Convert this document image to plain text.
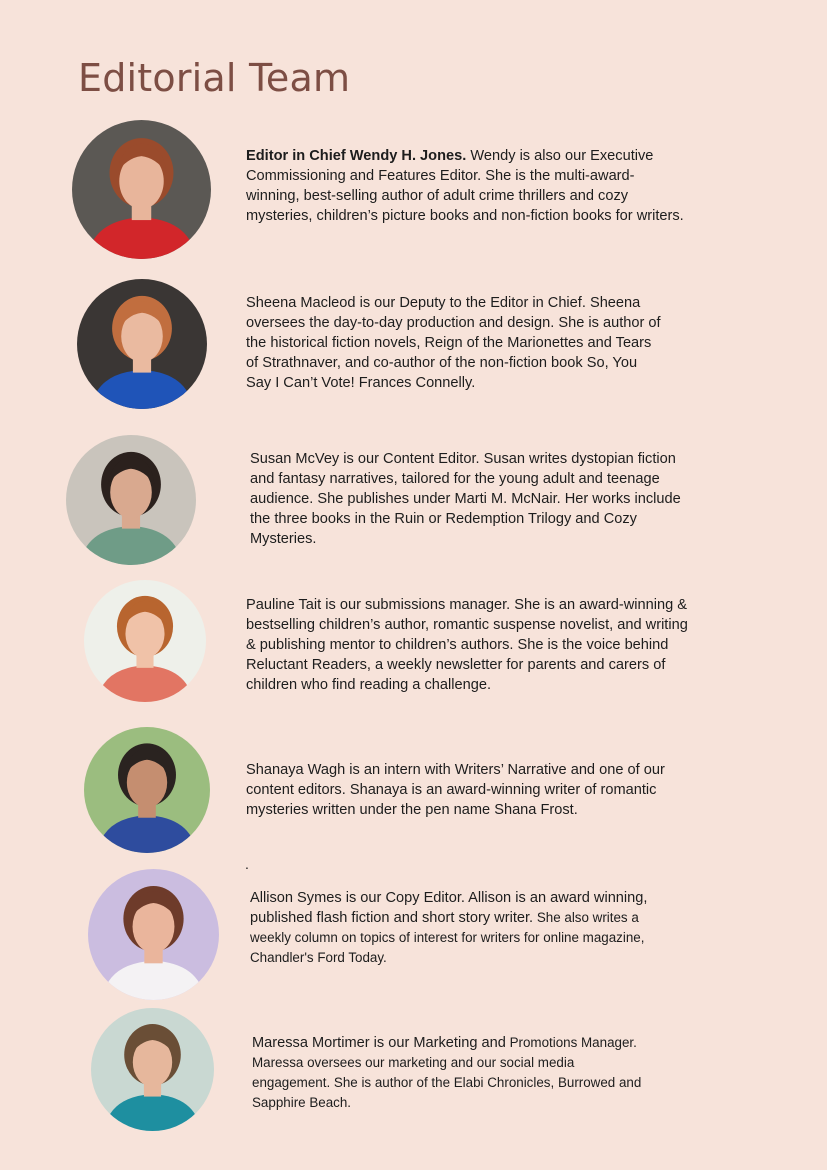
Editorial Team

Editor in Chief Wendy H. Jones. Wendy is also our Executive Commissioning and Features Editor. She is the multi-award-winning, best-selling author of adult crime thrillers and cozy mysteries, children’s picture books and non-fiction books for writers.

Sheena Macleod is our Deputy to the Editor in Chief. Sheena oversees the day-to-day production and design. She is author of the historical fiction novels, Reign of the Marionettes and Tears of Strathnaver, and co-author of the non-fiction book So, You Say I Can’t Vote! Frances Connelly.

Susan McVey is our Content Editor. Susan writes dystopian fiction and fantasy narratives, tailored for the young adult and teenage audience. She publishes under Marti M. McNair. Her works include the three books in the Ruin or Redemption Trilogy and Cozy Mysteries.

Pauline Tait is our submissions manager. She is an award-winning & bestselling children’s author, romantic suspense novelist, and writing & publishing mentor to children’s authors. She is the voice behind Reluctant Readers, a weekly newsletter for parents and carers of children who find reading a challenge.

Shanaya Wagh is an intern with Writers’ Narrative and one of our content editors. Shanaya is an award-winning writer of romantic mysteries written under the pen name Shana Frost.

.

Allison Symes is our Copy Editor. Allison is an award winning, published flash fiction and short story writer. She also writes a weekly column on topics of interest for writers for online magazine, Chandler's Ford Today.

Maressa Mortimer is our Marketing and Promotions Manager. Maressa oversees our marketing and our social media engagement. She is author of the Elabi Chronicles, Burrowed and Sapphire Beach.
